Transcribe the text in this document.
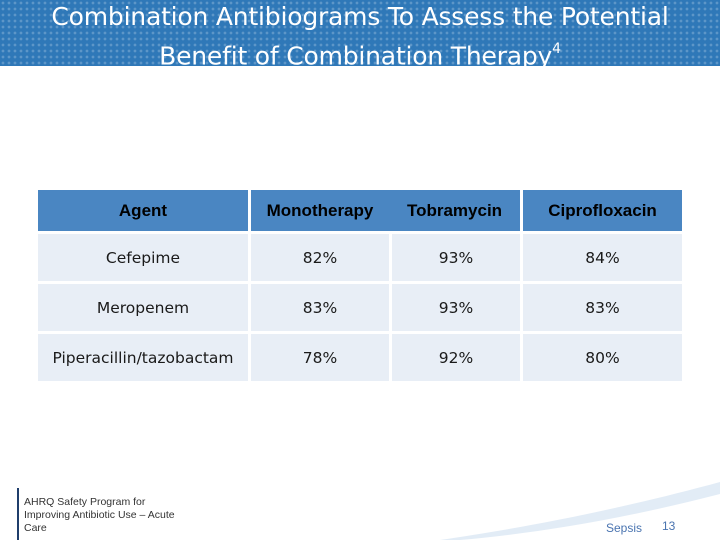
Combination Antibiograms To Assess the Potential
Benefit of Combination Therapy$^4$
Agent	Monotherapy	Tobramycin	Ciprofloxacin
Cefepime	82%	93%	84%
Meropenem	83%	93%	83%
Piperacillin/tazobactam	78%	92%	80%
AHRQ Safety Program for Improving Antibiotic Use – Acute Care	Sepsis 13
